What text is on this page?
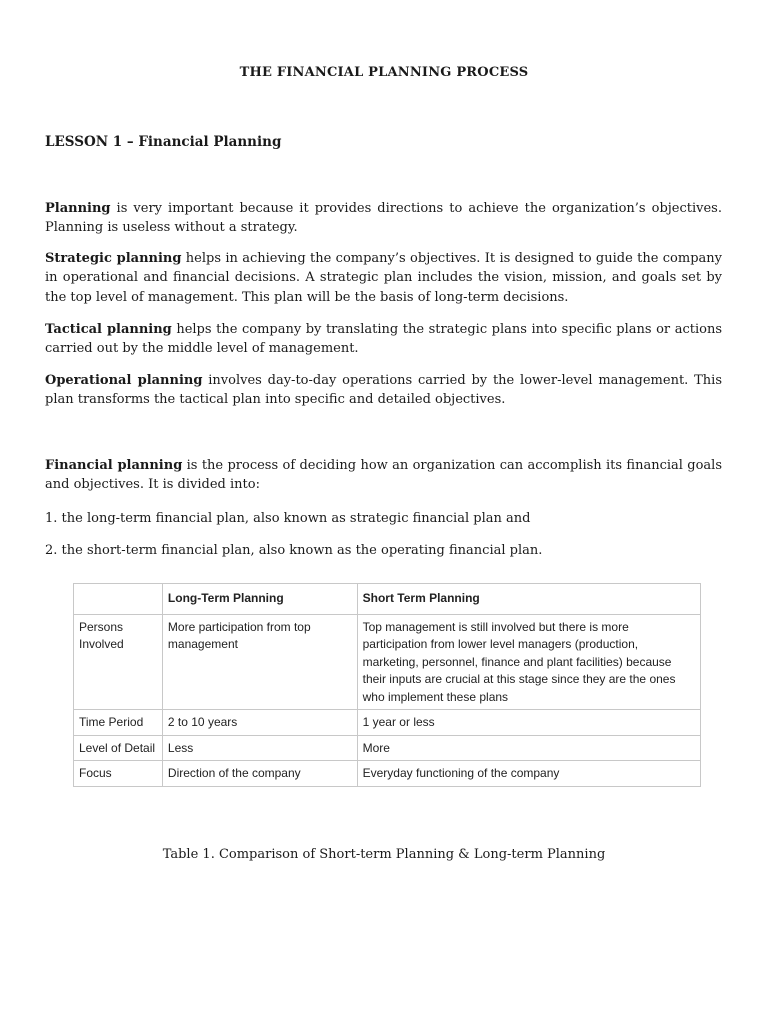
THE FINANCIAL PLANNING PROCESS
LESSON 1 – Financial Planning

Planning is very important because it provides directions to achieve the organization’s objectives. Planning is useless without a strategy.

Strategic planning helps in achieving the company’s objectives. It is designed to guide the company in operational and financial decisions. A strategic plan includes the vision, mission, and goals set by the top level of management. This plan will be the basis of long-term decisions.

Tactical planning helps the company by translating the strategic plans into specific plans or actions carried out by the middle level of management.

Operational planning involves day-to-day operations carried by the lower-level management. This plan transforms the tactical plan into specific and detailed objectives.

Financial planning is the process of deciding how an organization can accomplish its financial goals and objectives. It is divided into:

1. the long-term financial plan, also known as strategic financial plan and

2. the short-term financial plan, also known as the operating financial plan.

	Long-Term Planning	Short Term Planning
Persons Involved	More participation from top management	Top management is still involved but there is more participation from lower level managers (production, marketing, personnel, finance and plant facilities) because their inputs are crucial at this stage since they are the ones who implement these plans
Time Period	2 to 10 years	1 year or less
Level of Detail	Less	More
Focus	Direction of the company	Everyday functioning of the company
Table 1. Comparison of Short-term Planning & Long-term Planning
